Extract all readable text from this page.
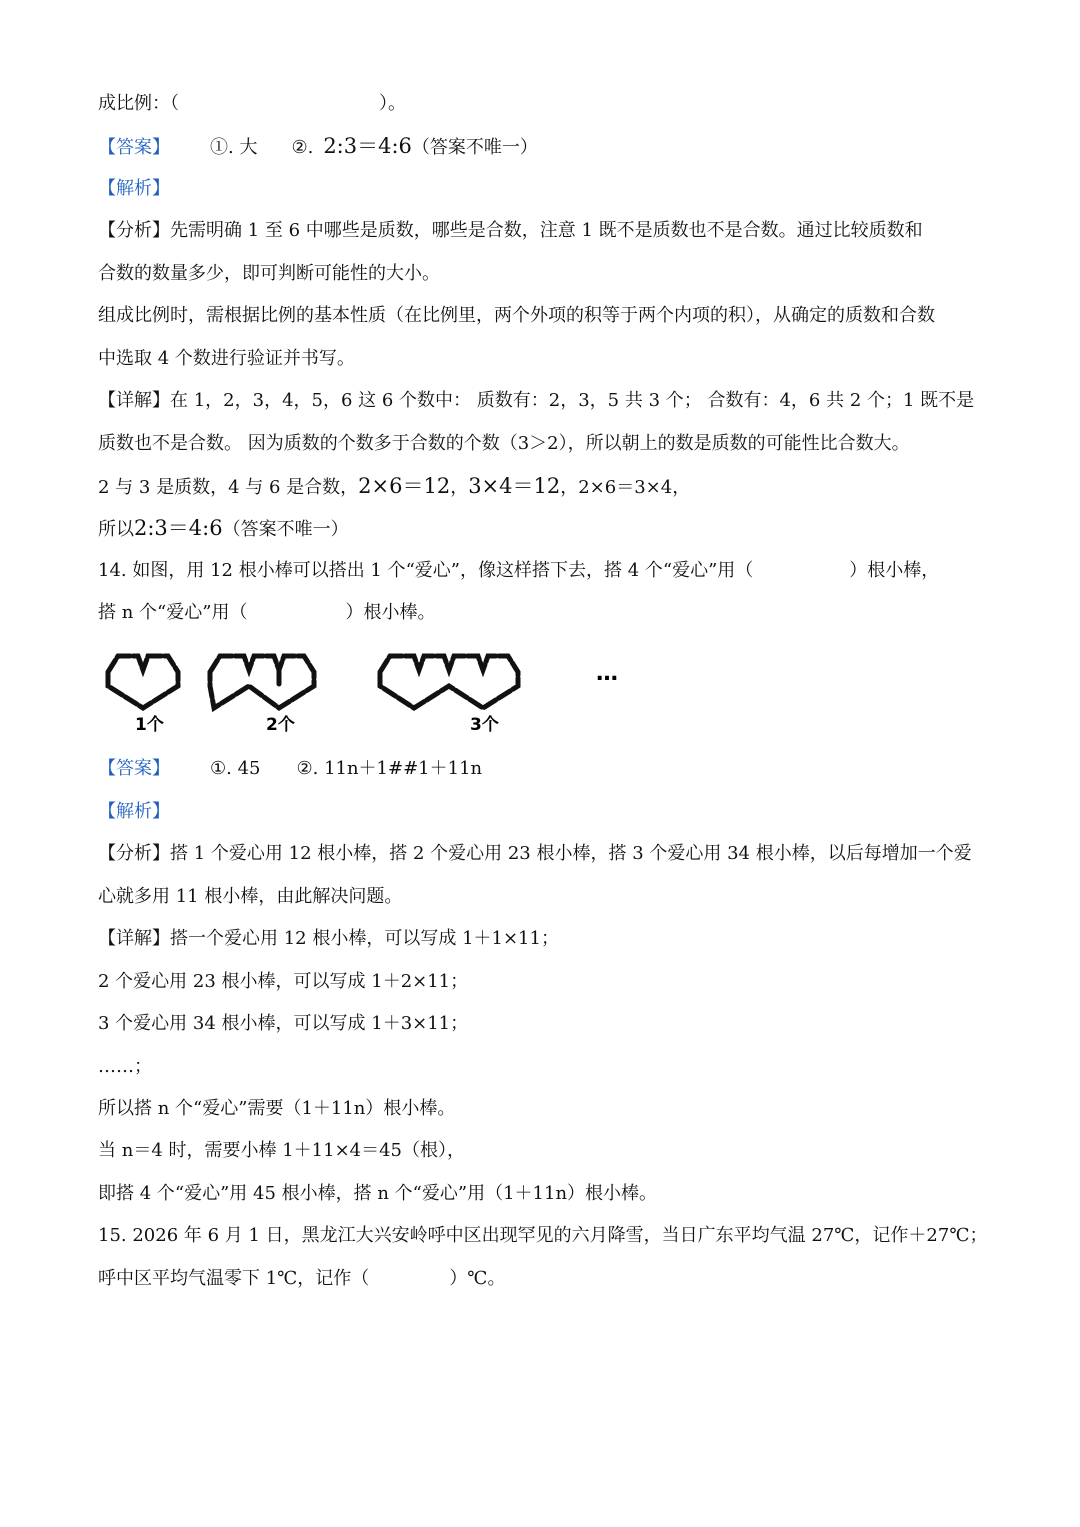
成比例：（	）。
【答案】 ①. 大 ②. 2:3＝4:6（答案不唯一）
【解析】
【分析】先需明确 1 至 6 中哪些是质数，哪些是合数，注意 1 既不是质数也不是合数。通过比较质数和
合数的数量多少，即可判断可能性的大小。
组成比例时，需根据比例的基本性质（在比例里，两个外项的积等于两个内项的积），从确定的质数和合数
中选取 4 个数进行验证并书写。
【详解】在 1，2，3，4，5，6 这 6 个数中： 质数有：2，3，5 共 3 个； 合数有：4，6 共 2 个；1 既不是
质数也不是合数。 因为质数的个数多于合数的个数（3＞2），所以朝上的数是质数的可能性比合数大。
2 与 3 是质数，4 与 6 是合数，2×6＝12，3×4＝12，2×6＝3×4，
所以2:3＝4:6（答案不唯一）
14. 如图，用 12 根小棒可以搭出 1 个“爱心”，像这样搭下去，搭 4 个“爱心”用（	）根小棒，
搭 n 个“爱心”用（	）根小棒。
1个	2个	3个
…
【答案】 ①. 45 ②. 11n＋1##1＋11n
【解析】
【分析】搭 1 个爱心用 12 根小棒，搭 2 个爱心用 23 根小棒，搭 3 个爱心用 34 根小棒，以后每增加一个爱
心就多用 11 根小棒，由此解决问题。
【详解】搭一个爱心用 12 根小棒，可以写成 1＋1×11；
2 个爱心用 23 根小棒，可以写成 1＋2×11；
3 个爱心用 34 根小棒，可以写成 1＋3×11；
……；
所以搭 n 个“爱心”需要（1＋11n）根小棒。
当 n＝4 时，需要小棒 1＋11×4＝45（根），
即搭 4 个“爱心”用 45 根小棒，搭 n 个“爱心”用（1＋11n）根小棒。
15. 2026 年 6 月 1 日，黑龙江大兴安岭呼中区出现罕见的六月降雪，当日广东平均气温 27℃，记作＋27℃；
呼中区平均气温零下 1℃，记作（	）℃。
